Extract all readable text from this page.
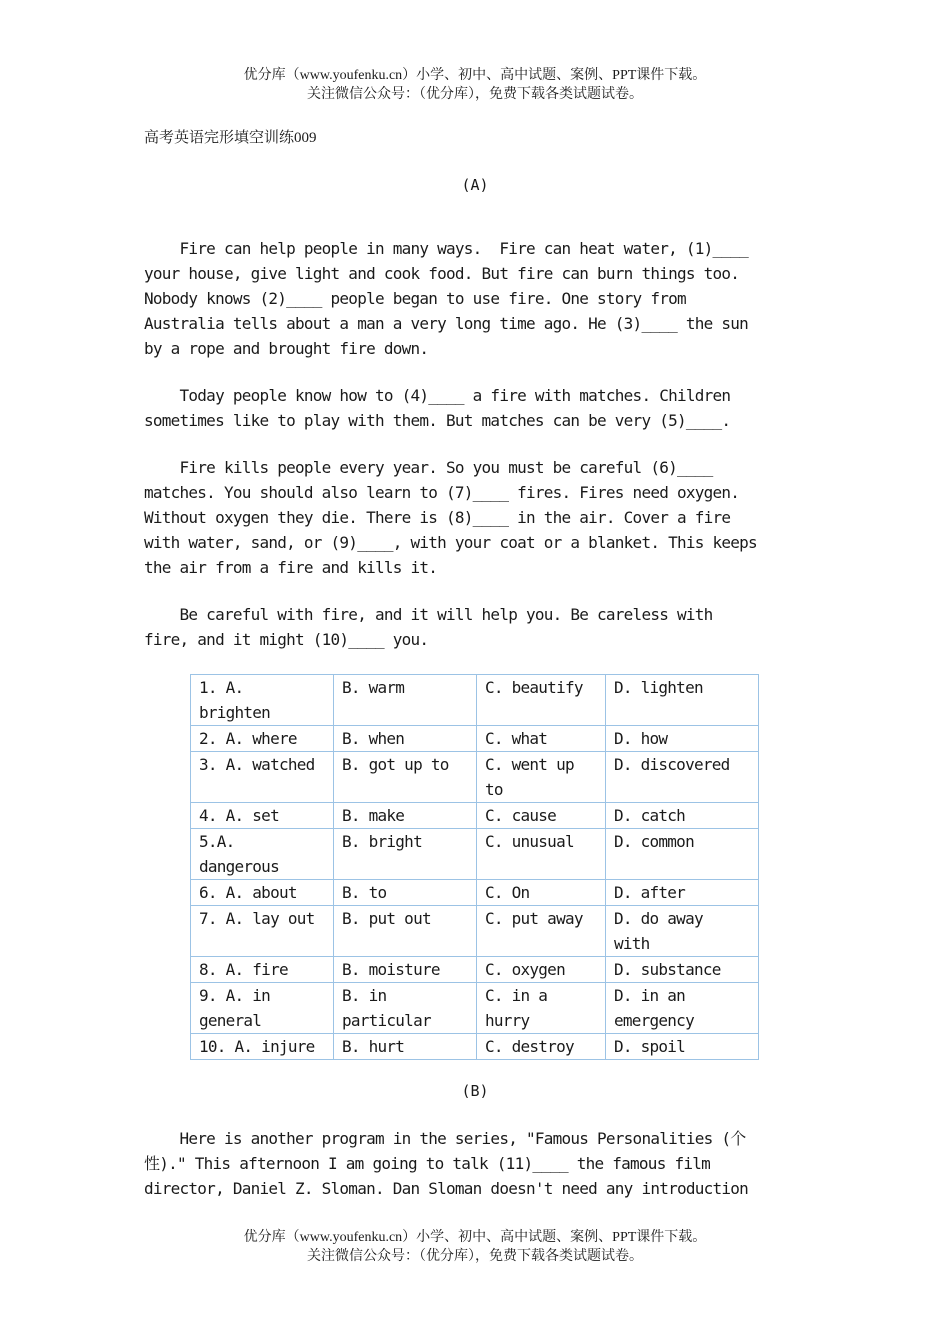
优分库（www.youfenku.cn）小学、初中、高中试题、案例、PPT课件下载。
关注微信公众号：（优分库），免费下载各类试题试卷。
高考英语完形填空训练009
(A)

Fire can help people in many ways.  Fire can heat water, (1)____
your house, give light and cook food. But fire can burn things too.
Nobody knows (2)____ people began to use fire. One story from
Australia tells about a man a very long time ago. He (3)____ the sun
by a rope and brought fire down.

Today people know how to (4)____ a fire with matches. Children
sometimes like to play with them. But matches can be very (5)____.

Fire kills people every year. So you must be careful (6)____
matches. You should also learn to (7)____ fires. Fires need oxygen.
Without oxygen they die. There is (8)____ in the air. Cover a fire
with water, sand, or (9)____, with your coat or a blanket. This keeps
the air from a fire and kills it.

Be careful with fire, and it will help you. Be careless with
fire, and it might (10)____ you.

1. A.
brighten	B. warm	C. beautify	D. lighten
2. A. where	B. when	C. what	D. how
3. A. watched	B. got up to	C. went up
to	D. discovered
4. A. set	B. make	C. cause	D. catch
5.A.
dangerous	B. bright	C. unusual	D. common
6. A. about	B. to	C. On	D. after
7. A. lay out	B. put out	C. put away	D. do away
with
8. A. fire	B. moisture	C. oxygen	D. substance
9. A. in
general	B. in
particular	C. in a
hurry	D. in an
emergency
10. A. injure	B. hurt	C. destroy	D. spoil
(B)

Here is another program in the series, "Famous Personalities (个
性)." This afternoon I am going to talk (11)____ the famous film
director, Daniel Z. Sloman. Dan Sloman doesn't need any introduction

优分库（www.youfenku.cn）小学、初中、高中试题、案例、PPT课件下载。
关注微信公众号：（优分库），免费下载各类试题试卷。
